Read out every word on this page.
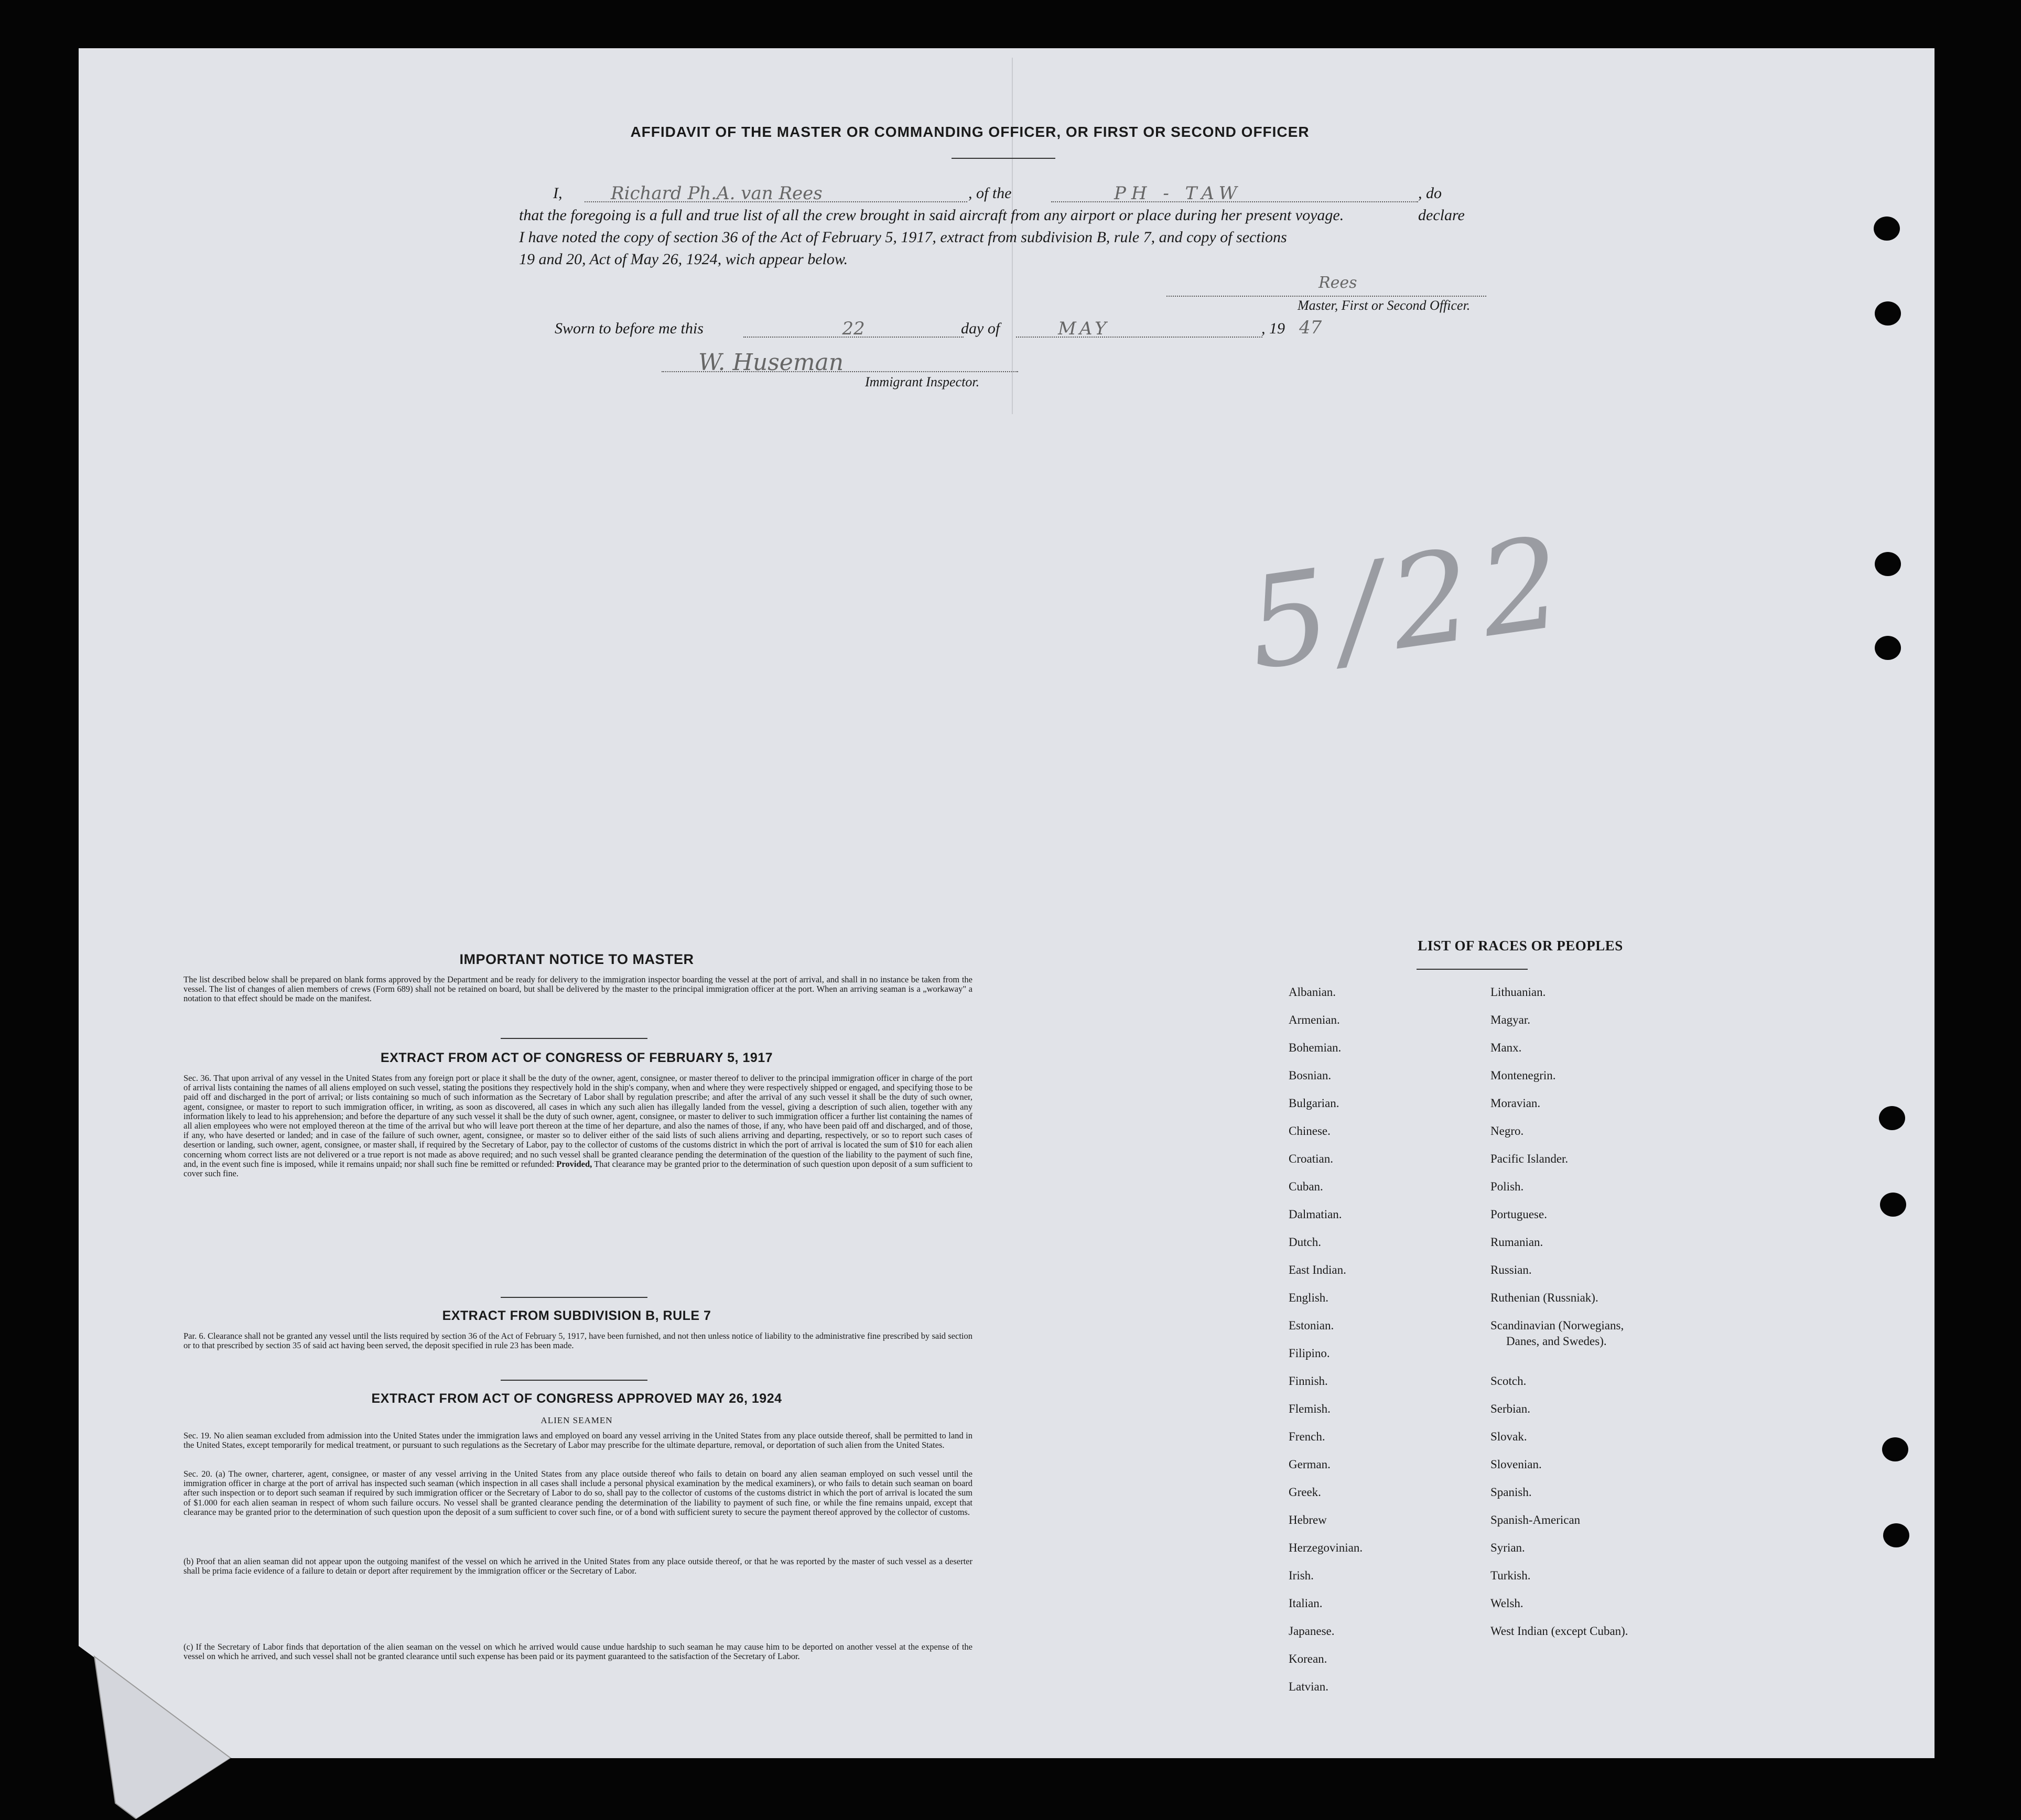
AFFIDAVIT OF THE MASTER OR COMMANDING OFFICER, OR FIRST OR SECOND OFFICER
I,	Richard Ph.A. van Rees	, of the	PH - TAW	, do declare
that the foregoing is a full and true list of all the crew brought in said aircraft from any airport or place during her present voyage.
I have noted the copy of section 36 of the Act of February 5, 1917, extract from subdivision B, rule 7, and copy of sections
19 and 20, Act of May 26, 1924, wich appear below.
Rees
Master, First or Second Officer.
Sworn to before me this	22	day of	MAY	, 19 47
W. Huseman
Immigrant Inspector.
5/22
IMPORTANT NOTICE TO MASTER
The list described below shall be prepared on blank forms approved by the Department and be ready for delivery to the immigration inspector boarding the vessel at the port of arrival, and shall in no instance be taken from the vessel. The list of changes of alien members of crews (Form 689) shall not be retained on board, but shall be delivered by the master to the principal immigration officer at the port. When an arriving seaman is a „workaway" a notation to that effect should be made on the manifest.
EXTRACT FROM ACT OF CONGRESS OF FEBRUARY 5, 1917
Sec. 36. That upon arrival of any vessel in the United States from any foreign port or place it shall be the duty of the owner, agent, consignee, or master thereof to deliver to the principal immigration officer in charge of the port of arrival lists containing the names of all aliens employed on such vessel, stating the positions they respectively hold in the ship's company, when and where they were respectively shipped or engaged, and specifying those to be paid off and discharged in the port of arrival; or lists containing so much of such information as the Secretary of Labor shall by regulation prescribe; and after the arrival of any such vessel it shall be the duty of such owner, agent, consignee, or master to report to such immigration officer, in writing, as soon as discovered, all cases in which any such alien has illegally landed from the vessel, giving a description of such alien, together with any information likely to lead to his apprehension; and before the departure of any such vessel it shall be the duty of such owner, agent, consignee, or master to deliver to such immigration officer a further list containing the names of all alien employees who were not employed thereon at the time of the arrival but who will leave port thereon at the time of her departure, and also the names of those, if any, who have been paid off and discharged, and of those, if any, who have deserted or landed; and in case of the failure of such owner, agent, consignee, or master so to deliver either of the said lists of such aliens arriving and departing, respectively, or so to report such cases of desertion or landing, such owner, agent, consignee, or master shall, if required by the Secretary of Labor, pay to the collector of customs of the customs district in which the port of arrival is located the sum of $10 for each alien concerning whom correct lists are not delivered or a true report is not made as above required; and no such vessel shall be granted clearance pending the determination of the question of the liability to the payment of such fine, and, in the event such fine is imposed, while it remains unpaid; nor shall such fine be remitted or refunded: Provided, That clearance may be granted prior to the determination of such question upon deposit of a sum sufficient to cover such fine.
EXTRACT FROM SUBDIVISION B, RULE 7
Par. 6. Clearance shall not be granted any vessel until the lists required by section 36 of the Act of February 5, 1917, have been furnished, and not then unless notice of liability to the administrative fine prescribed by said section or to that prescribed by section 35 of said act having been served, the deposit specified in rule 23 has been made.
EXTRACT FROM ACT OF CONGRESS APPROVED MAY 26, 1924
ALIEN SEAMEN
Sec. 19. No alien seaman excluded from admission into the United States under the immigration laws and employed on board any vessel arriving in the United States from any place outside thereof, shall be permitted to land in the United States, except temporarily for medical treatment, or pursuant to such regulations as the Secretary of Labor may prescribe for the ultimate departure, removal, or deportation of such alien from the United States.
Sec. 20. (a) The owner, charterer, agent, consignee, or master of any vessel arriving in the United States from any place outside thereof who fails to detain on board any alien seaman employed on such vessel until the immigration officer in charge at the port of arrival has inspected such seaman (which inspection in all cases shall include a personal physical examination by the medical examiners), or who fails to detain such seaman on board after such inspection or to deport such seaman if required by such immigration officer or the Secretary of Labor to do so, shall pay to the collector of customs of the customs district in which the port of arrival is located the sum of $1.000 for each alien seaman in respect of whom such failure occurs. No vessel shall be granted clearance pending the determination of the liability to payment of such fine, or while the fine remains unpaid, except that clearance may be granted prior to the determination of such question upon the deposit of a sum sufficient to cover such fine, or of a bond with sufficient surety to secure the payment thereof approved by the collector of customs.
(b) Proof that an alien seaman did not appear upon the outgoing manifest of the vessel on which he arrived in the United States from any place outside thereof, or that he was reported by the master of such vessel as a deserter shall be prima facie evidence of a failure to detain or deport after requirement by the immigration officer or the Secretary of Labor.
(c) If the Secretary of Labor finds that deportation of the alien seaman on the vessel on which he arrived would cause undue hardship to such seaman he may cause him to be deported on another vessel at the expense of the vessel on which he arrived, and such vessel shall not be granted clearance until such expense has been paid or its payment guaranteed to the satisfaction of the Secretary of Labor.
LIST OF RACES OR PEOPLES
Albanian.
Armenian.
Bohemian.
Bosnian.
Bulgarian.
Chinese.
Croatian.
Cuban.
Dalmatian.
Dutch.
East Indian.
English.
Estonian.
Filipino.
Finnish.
Flemish.
French.
German.
Greek.
Hebrew
Herzegovinian.
Irish.
Italian.
Japanese.
Korean.
Latvian.
Lithuanian.
Magyar.
Manx.
Montenegrin.
Moravian.
Negro.
Pacific Islander.
Polish.
Portuguese.
Rumanian.
Russian.
Ruthenian (Russniak).
Scandinavian (Norwegians,
Danes, and Swedes).
Scotch.
Serbian.
Slovak.
Slovenian.
Spanish.
Spanish-American
Syrian.
Turkish.
Welsh.
West Indian (except Cuban).
